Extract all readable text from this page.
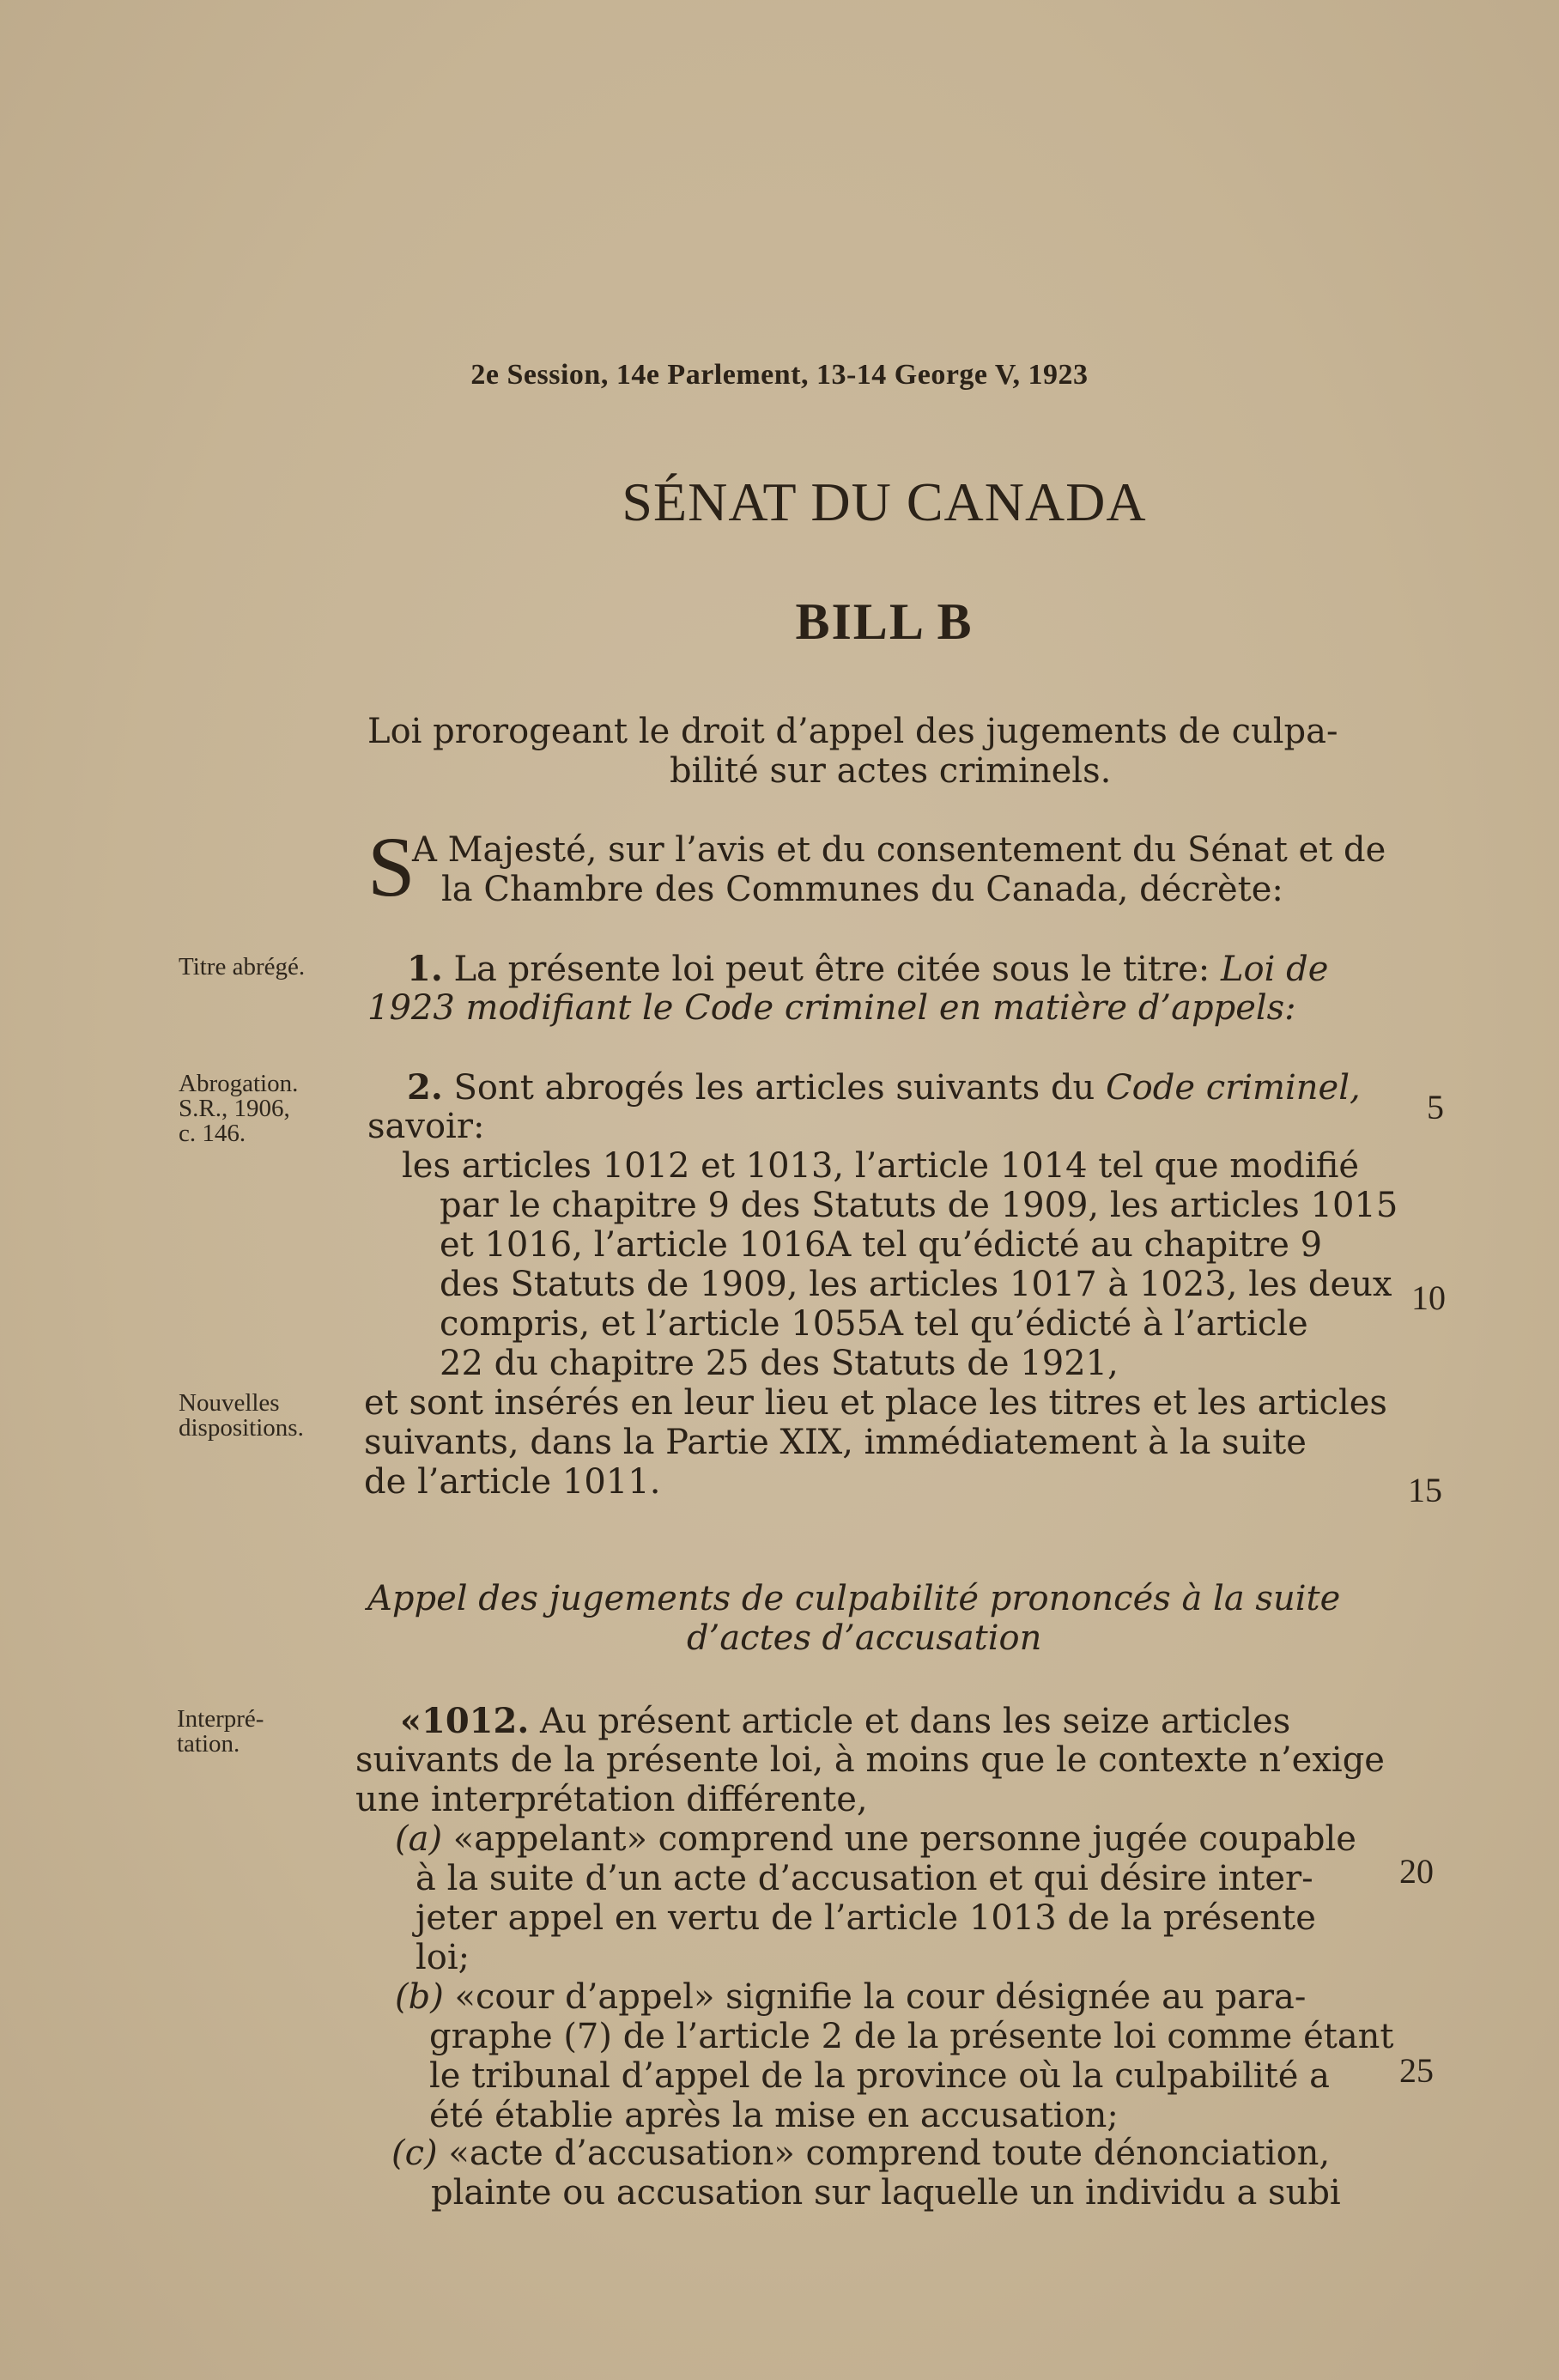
2e Session, 14e Parlement, 13-14 George V, 1923
SÉNAT DU CANADA
BILL B
Loi prorogeant le droit d’appel des jugements de culpa-
bilité sur actes criminels.
S
A Majesté, sur l’avis et du consentement du Sénat et de
la Chambre des Communes du Canada, décrète:
Titre abrégé.
Abrogation.
S.R., 1906,
c. 146.
Nouvelles
dispositions.
Interpré-
tation.
1. La présente loi peut être citée sous le titre: Loi de
1923 modifiant le Code criminel en matière d’appels:
2. Sont abrogés les articles suivants du Code criminel,
savoir:
les articles 1012 et 1013, l’article 1014 tel que modifié
par le chapitre 9 des Statuts de 1909, les articles 1015
et 1016, l’article 1016A tel qu’édicté au chapitre 9
des Statuts de 1909, les articles 1017 à 1023, les deux
compris, et l’article 1055A tel qu’édicté à l’article
22 du chapitre 25 des Statuts de 1921,
et sont insérés en leur lieu et place les titres et les articles
suivants, dans la Partie XIX, immédiatement à la suite
de l’article 1011.
Appel des jugements de culpabilité prononcés à la suite
d’actes d’accusation
«1012. Au présent article et dans les seize articles
suivants de la présente loi, à moins que le contexte n’exige
une interprétation différente,
(a) «appelant» comprend une personne jugée coupable
à la suite d’un acte d’accusation et qui désire inter-
jeter appel en vertu de l’article 1013 de la présente
loi;
(b) «cour d’appel» signifie la cour désignée au para-
graphe (7) de l’article 2 de la présente loi comme étant
le tribunal d’appel de la province où la culpabilité a
été établie après la mise en accusation;
(c) «acte d’accusation» comprend toute dénonciation,
plainte ou accusation sur laquelle un individu a subi
5
10
15
20
25
